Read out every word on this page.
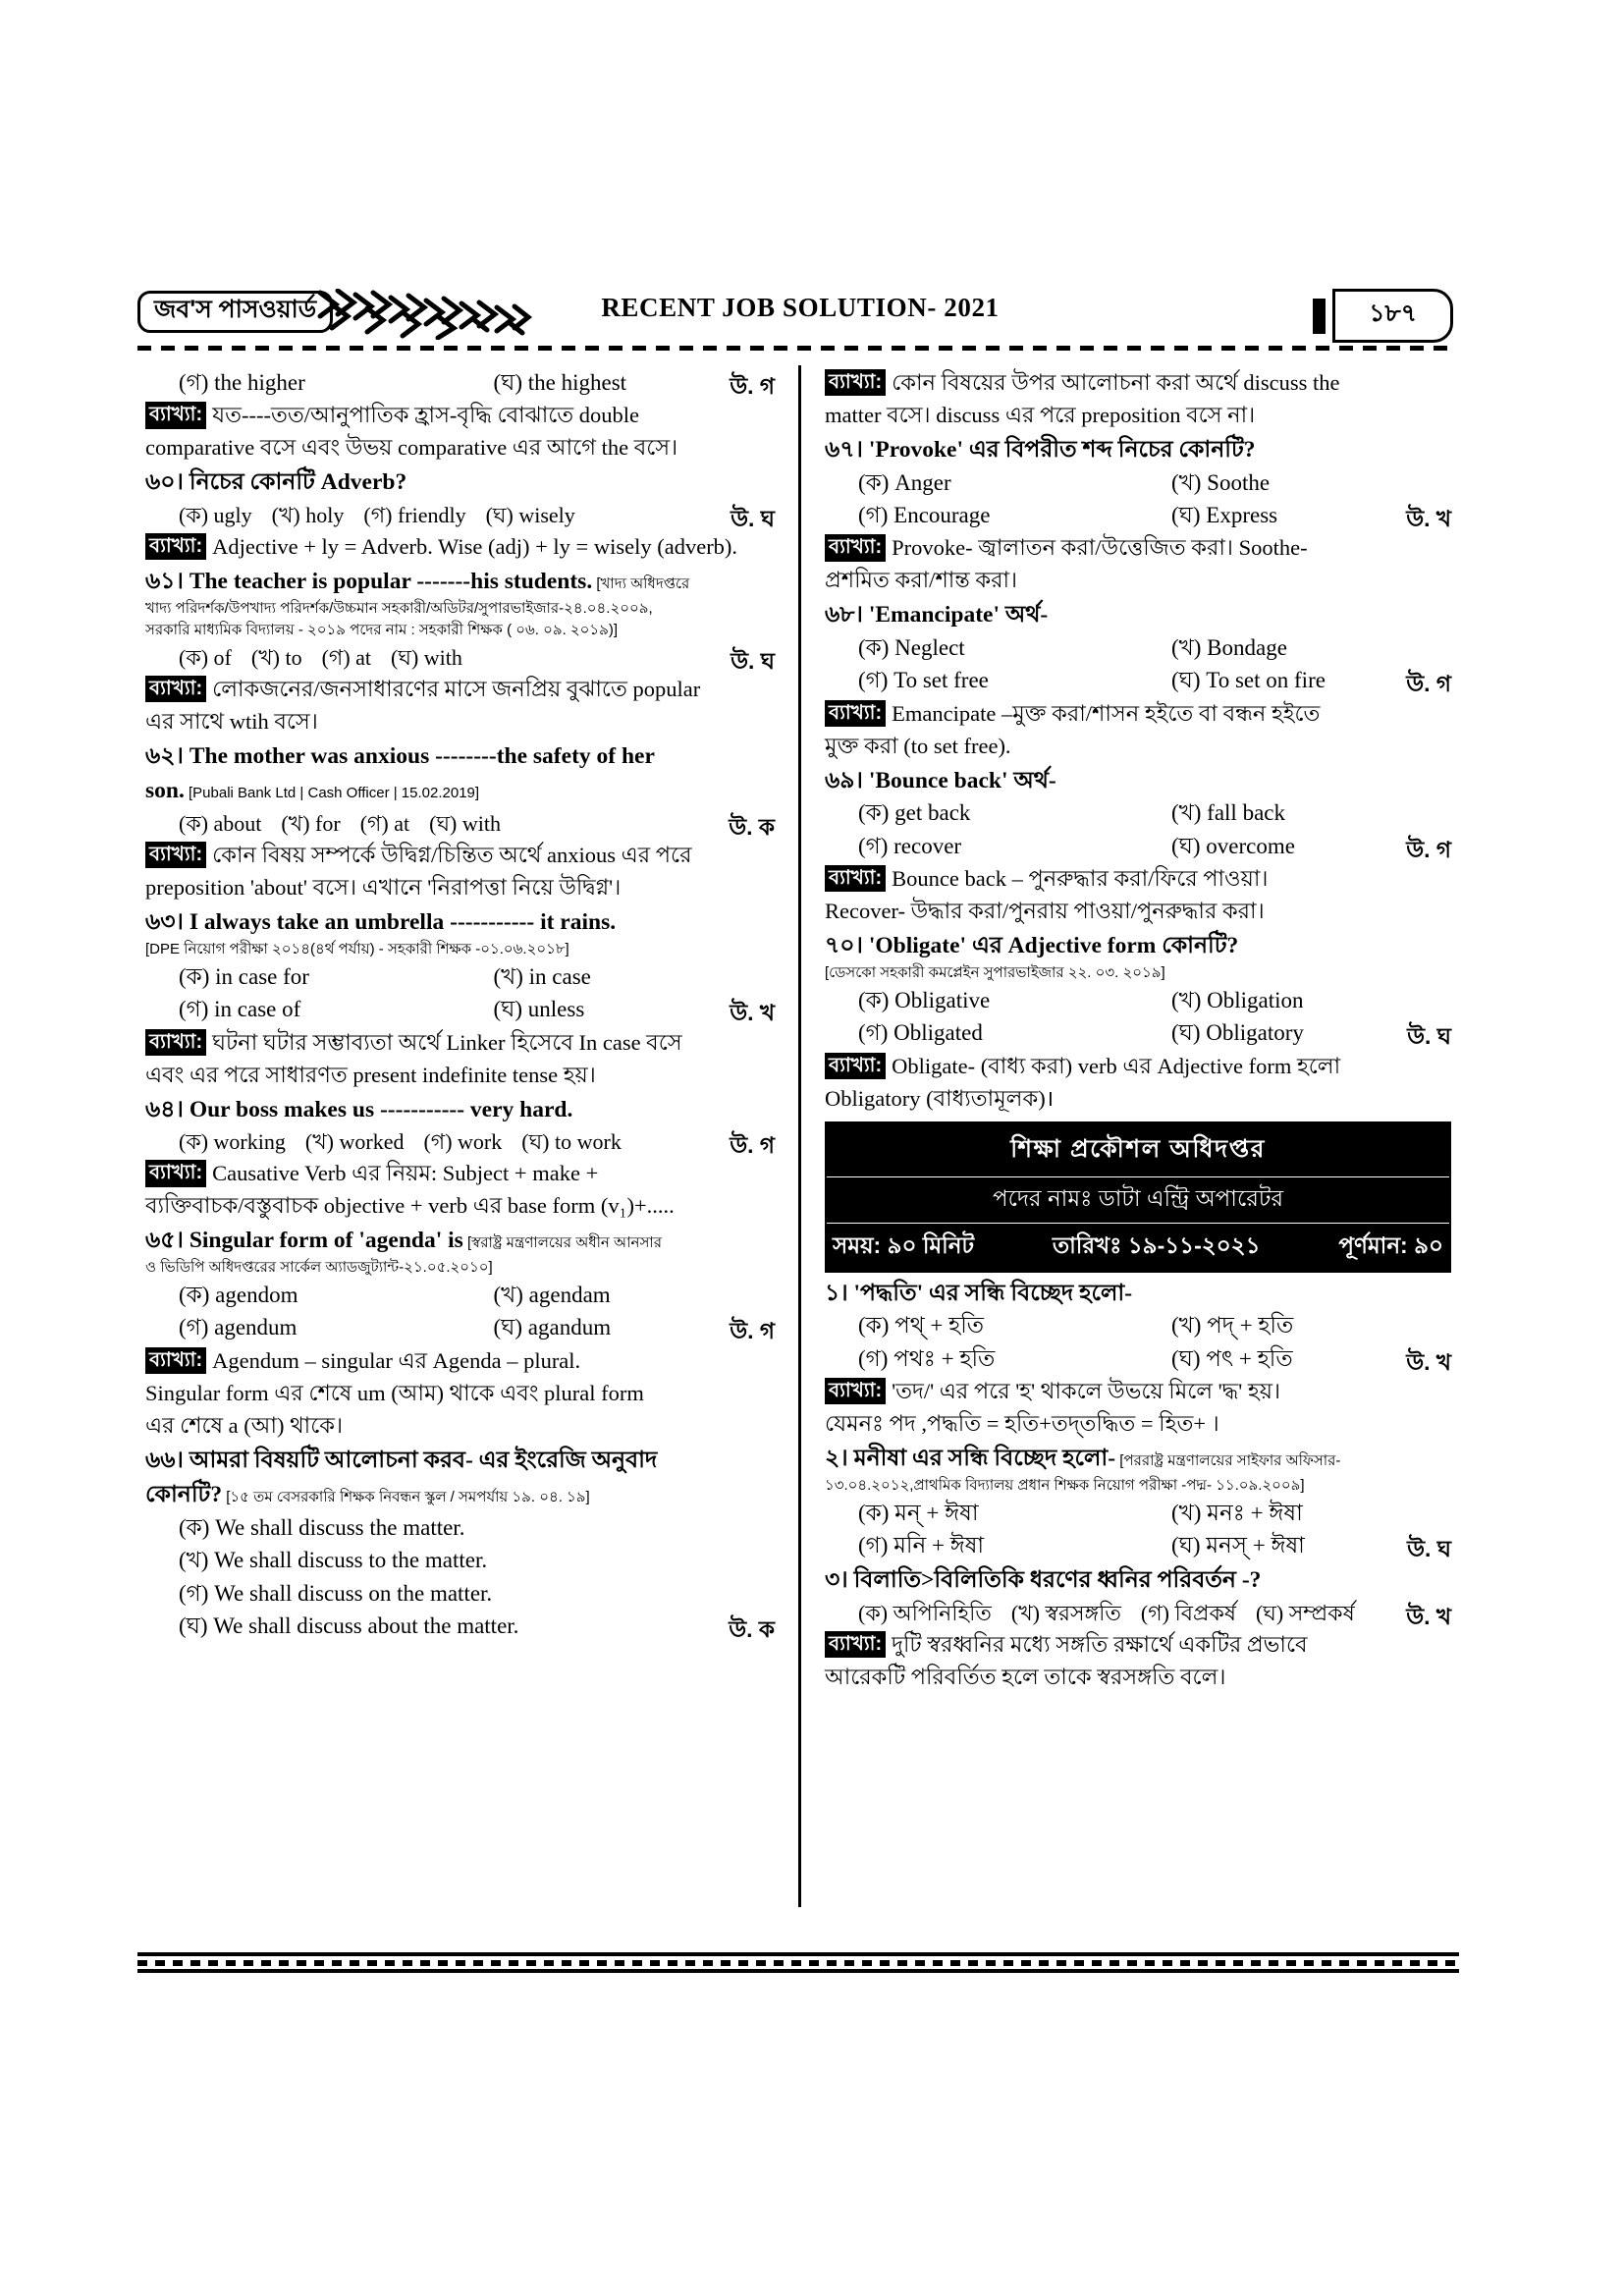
জব'স পাসওয়ার্ড	RECENT JOB SOLUTION- 2021	১৮৭
(গ) the higher	(ঘ) the highest	উ. গ
ব্যাখ্যা: যত----তত/আনুপাতিক হ্রাস-বৃদ্ধি বোঝাতে double
comparative বসে এবং উভয় comparative এর আগে the বসে।
৬০। নিচের কোনটি Adverb?
(ক) ugly (খ) holy (গ) friendly (ঘ) wisely	উ. ঘ
ব্যাখ্যা: Adjective + ly = Adverb. Wise (adj) + ly = wisely (adverb).
৬১। The teacher is popular -------his students. [খাদ্য অধিদপ্তরে
খাদ্য পরিদর্শক/উপখাদ্য পরিদর্শক/উচ্চমান সহকারী/অডিটর/সুপারভাইজার-২৪.০৪.২০০৯,
সরকারি মাধ্যমিক বিদ্যালয় - ২০১৯ পদের নাম : সহকারী শিক্ষক ( ০৬. ০৯. ২০১৯)]
(ক) of (খ) to (গ) at (ঘ) with	উ. ঘ
ব্যাখ্যা: লোকজনের/জনসাধারণের মাসে জনপ্রিয় বুঝাতে popular
এর সাথে wtih বসে।
৬২। The mother was anxious --------the safety of her
son. [Pubali Bank Ltd | Cash Officer | 15.02.2019]
(ক) about (খ) for (গ) at (ঘ) with	উ. ক
ব্যাখ্যা: কোন বিষয় সম্পর্কে উদ্বিগ্ন/চিন্তিত অর্থে anxious এর পরে
preposition 'about' বসে। এখানে 'নিরাপত্তা নিয়ে উদ্বিগ্ন'।
৬৩। I always take an umbrella ----------- it rains.
[DPE নিয়োগ পরীক্ষা ২০১৪(৪র্থ পর্যায়) - সহকারী শিক্ষক -০১.০৬.২০১৮]
(ক) in case for	(খ) in case
(গ) in case of	(ঘ) unless	উ. খ
ব্যাখ্যা: ঘটনা ঘটার সম্ভাব্যতা অর্থে Linker হিসেবে In case বসে
এবং এর পরে সাধারণত present indefinite tense হয়।
৬৪। Our boss makes us ----------- very hard.
(ক) working (খ) worked (গ) work (ঘ) to work	উ. গ
ব্যাখ্যা: Causative Verb এর নিয়ম: Subject + make +
ব্যক্তিবাচক/বস্তুবাচক objective + verb এর base form (v₁)+.....
৬৫। Singular form of 'agenda' is [স্বরাষ্ট্র মন্ত্রণালয়ের অধীন আনসার
ও ভিডিপি অধিদপ্তরের সার্কেল অ্যাডজুট্যান্ট-২১.০৫.২০১০]
(ক) agendom	(খ) agendam
(গ) agendum	(ঘ) agandum	উ. গ
ব্যাখ্যা: Agendum – singular এর Agenda – plural.
Singular form এর শেষে um (আম) থাকে এবং plural form
এর শেষে a (আ) থাকে।
৬৬। আমরা বিষয়টি আলোচনা করব- এর ইংরেজি অনুবাদ
কোনটি? [১৫ তম বেসরকারি শিক্ষক নিবন্ধন স্কুল / সমপর্যায় ১৯. ০৪. ১৯]
(ক) We shall discuss the matter.
(খ) We shall discuss to the matter.
(গ) We shall discuss on the matter.
(ঘ) We shall discuss about the matter.	উ. ক
ব্যাখ্যা: কোন বিষয়ের উপর আলোচনা করা অর্থে discuss the
matter বসে। discuss এর পরে preposition বসে না।
৬৭। 'Provoke' এর বিপরীত শব্দ নিচের কোনটি?
(ক) Anger	(খ) Soothe
(গ) Encourage	(ঘ) Express	উ. খ
ব্যাখ্যা: Provoke- জ্বালাতন করা/উত্তেজিত করা। Soothe-
প্রশমিত করা/শান্ত করা।
৬৮। 'Emancipate' অর্থ-
(ক) Neglect	(খ) Bondage
(গ) To set free	(ঘ) To set on fire	উ. গ
ব্যাখ্যা: Emancipate –মুক্ত করা/শাসন হইতে বা বন্ধন হইতে
মুক্ত করা (to set free).
৬৯। 'Bounce back' অর্থ-
(ক) get back	(খ) fall back
(গ) recover	(ঘ) overcome	উ. গ
ব্যাখ্যা: Bounce back – পুনরুদ্ধার করা/ফিরে পাওয়া।
Recover- উদ্ধার করা/পুনরায় পাওয়া/পুনরুদ্ধার করা।
৭০। 'Obligate' এর Adjective form কোনটি?
[ডেসকো সহকারী কমপ্লেইন সুপারভাইজার ২২. ০৩. ২০১৯]
(ক) Obligative	(খ) Obligation
(গ) Obligated	(ঘ) Obligatory	উ. ঘ
ব্যাখ্যা: Obligate- (বাধ্য করা) verb এর Adjective form হলো
Obligatory (বাধ্যতামূলক)।
শিক্ষা প্রকৌশল অধিদপ্তর
পদের নামঃ ডাটা এন্ট্রি অপারেটর
সময়: ৯০ মিনিট	তারিখঃ ১৯-১১-২০২১	পূর্ণমান: ৯০
১। 'পদ্ধতি' এর সন্ধি বিচ্ছেদ হলো-
(ক) পথ্ + হতি	(খ) পদ্ + হতি
(গ) পথঃ + হতি	(ঘ) পৎ + হতি	উ. খ
ব্যাখ্যা: 'তদ/' এর পরে 'হ' থাকলে উভয়ে মিলে 'দ্ধ' হয়।
যেমনঃ পদ ,পদ্ধতি = হতি+তদ্তদ্ধিত = হিত+ ।
২। মনীষা এর সন্ধি বিচ্ছেদ হলো- [পররাষ্ট্র মন্ত্রণালয়ের সাইফার অফিসার-
১৩.০৪.২০১২,প্রাথমিক বিদ্যালয় প্রধান শিক্ষক নিয়োগ পরীক্ষা -পদ্ম- ১১.০৯.২০০৯]
(ক) মন্ + ঈষা	(খ) মনঃ + ঈষা
(গ) মনি + ঈষা	(ঘ) মনস্ + ঈষা	উ. ঘ
৩। বিলাতি˃বিলিতিকি ধরণের ধ্বনির পরিবর্তন -?
(ক) অপিনিহিতি (খ) স্বরসঙ্গতি (গ) বিপ্রকর্ষ (ঘ) সম্প্রকর্ষ উ. খ
ব্যাখ্যা: দুটি স্বরধ্বনির মধ্যে সঙ্গতি রক্ষার্থে একটির প্রভাবে
আরেকটি পরিবর্তিত হলে তাকে স্বরসঙ্গতি বলে।
